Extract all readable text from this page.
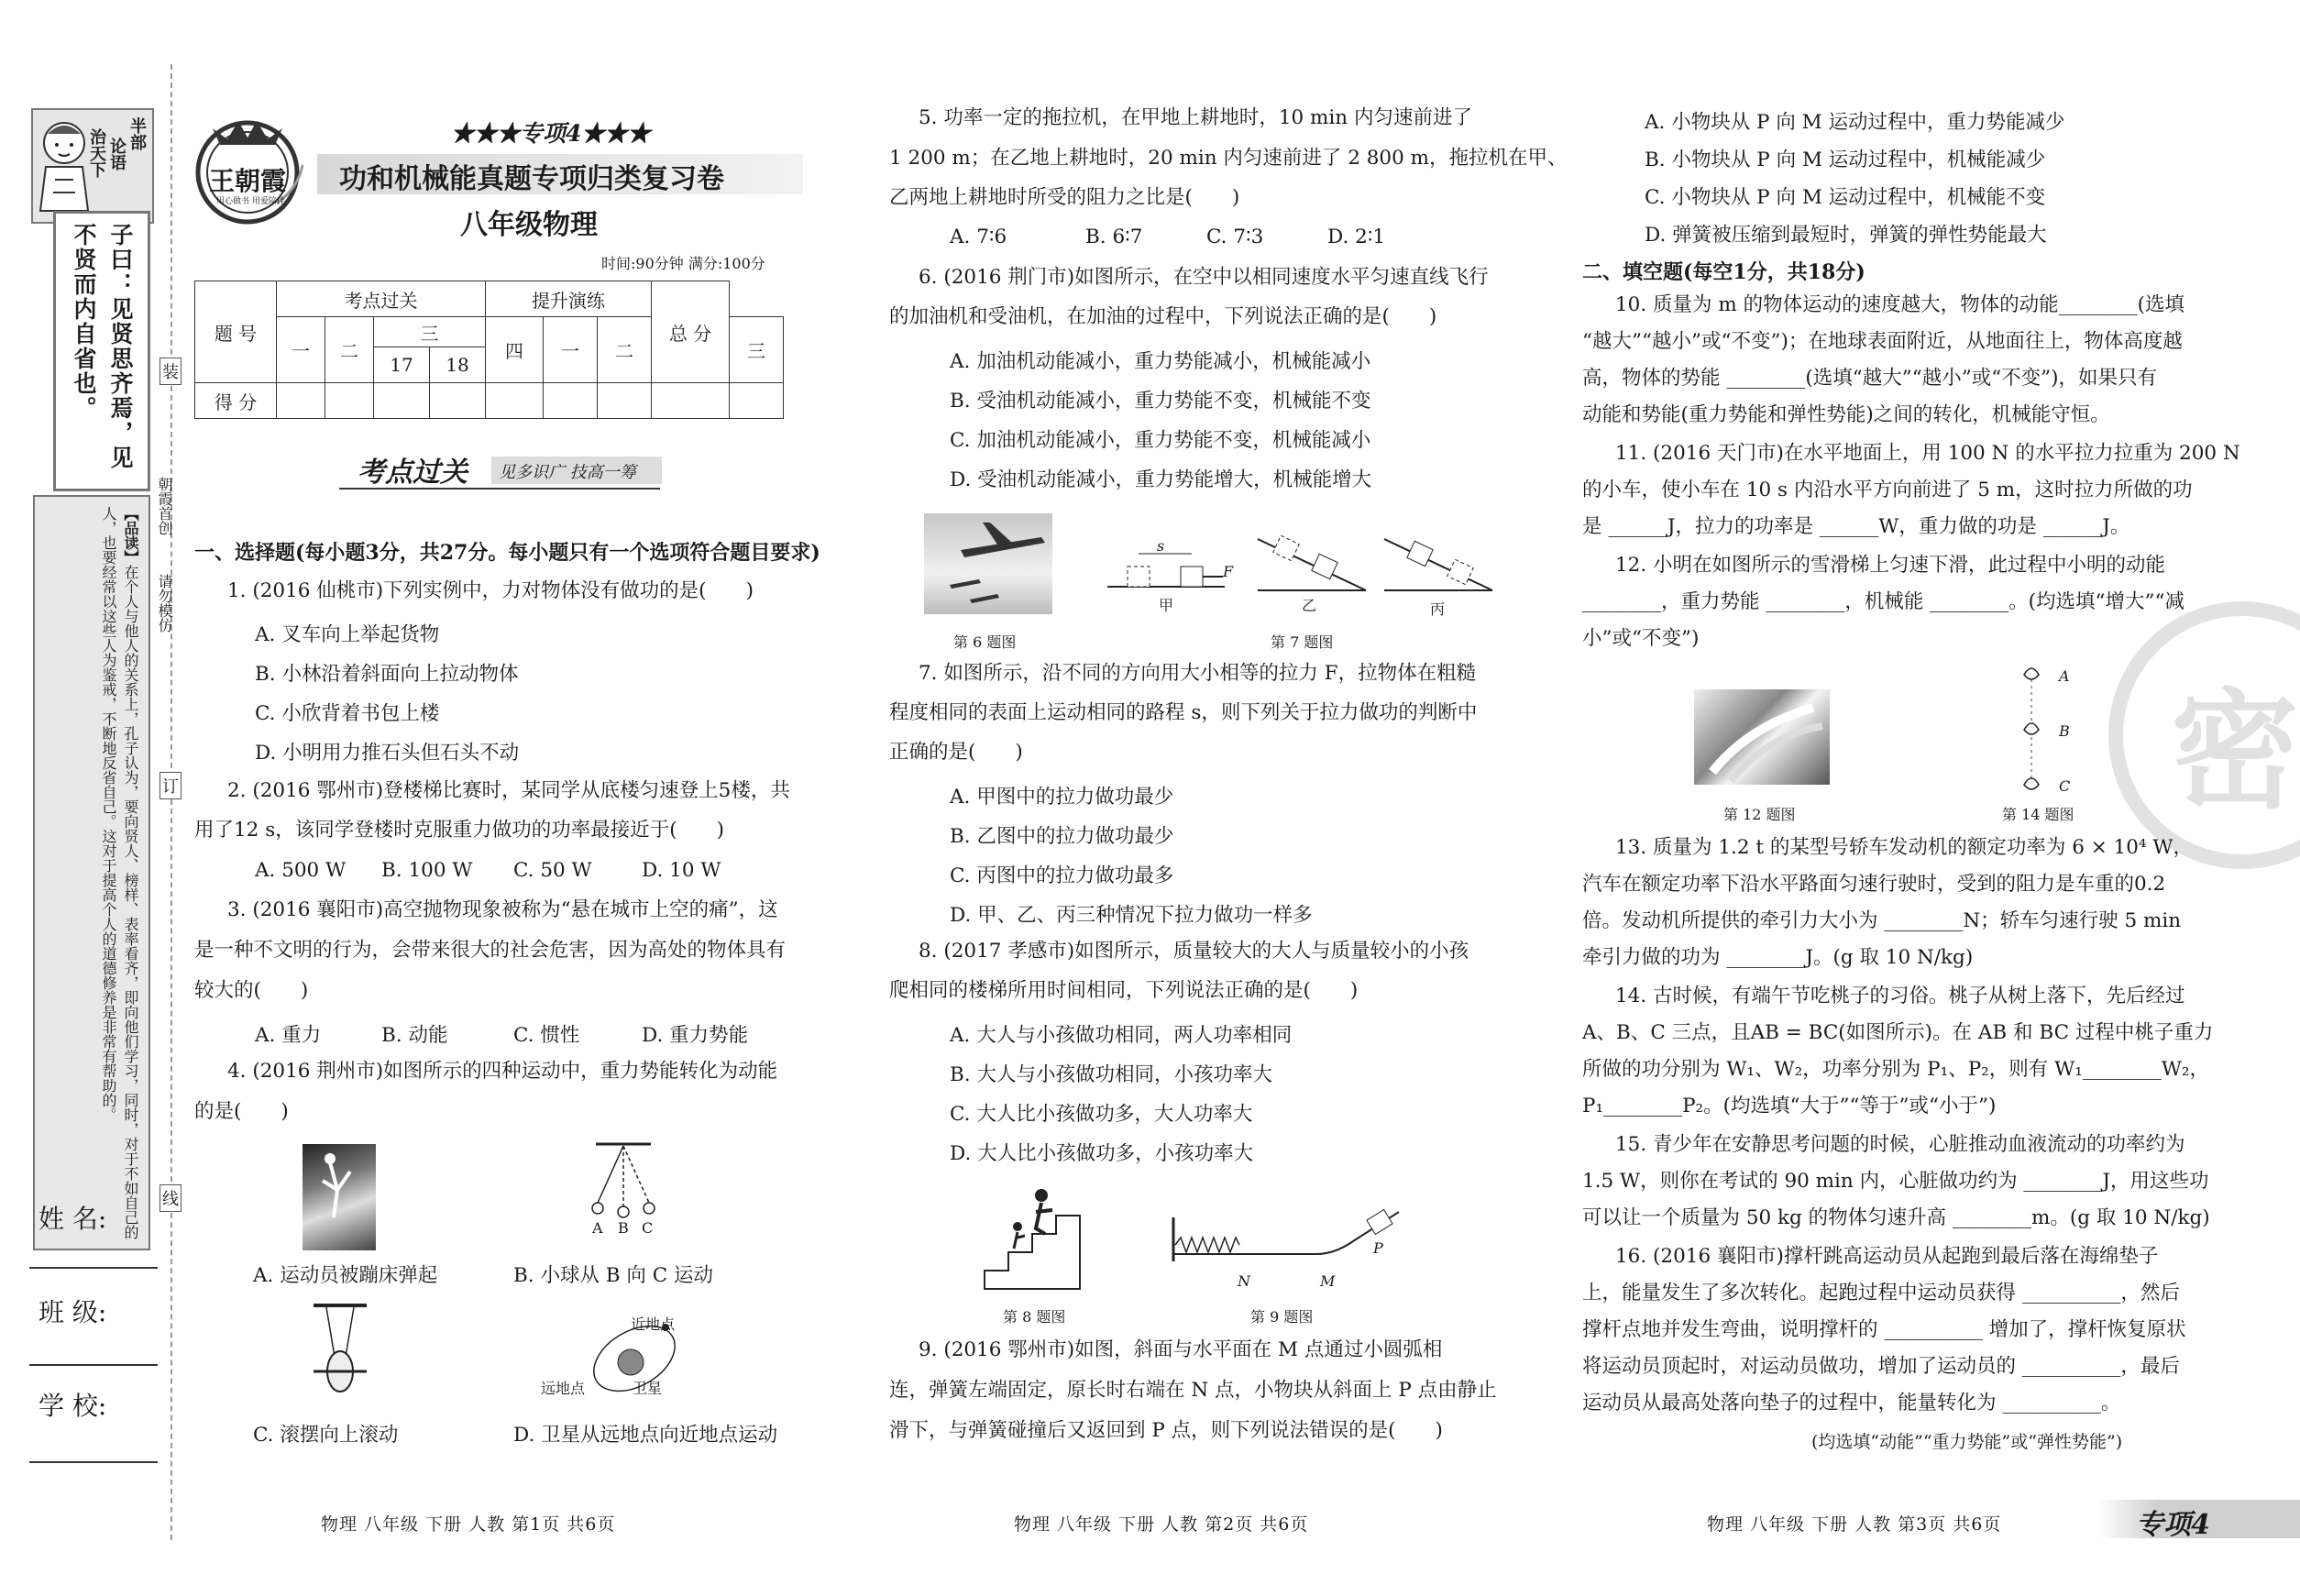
半部
论语
治天下
子曰：见贤思齐焉，见不贤而内自省也。
【品读】在个人与他人的关系上，孔子认为，要向贤人、榜样、表率看齐，即向他们学习，同时，对于不如自己的人，也要经常以这些人为鉴戒，不断地反省自己。这对于提高个人的道德修养是非常有帮助的。
姓 名:
班 级:
学 校:
装
订
线
朝霞首创
请勿模仿
王朝霞
用心做书 用爱陪伴
★★★专项4★★★
功和机械能真题专项归类复习卷
八年级物理
时间:90分钟 满分:100分
题 号	考点过关				提升演练			总 分	
	一	二	三		四	一	二		三
			17	18					
得 分									
考点过关 见多识广 技高一筹
一、选择题(每小题3分，共27分。每小题只有一个选项符合题目要求)
1. (2016 仙桃市)下列实例中，力对物体没有做功的是(　　)
A. 叉车向上举起货物
B. 小林沿着斜面向上拉动物体
C. 小欣背着书包上楼
D. 小明用力推石头但石头不动
2. (2016 鄂州市)登楼梯比赛时，某同学从底楼匀速登上5楼，共
用了12 s，该同学登楼时克服重力做功的功率最接近于(　　)
A. 500 W B. 100 W C. 50 W	D. 10 W
3. (2016 襄阳市)高空抛物现象被称为“悬在城市上空的痛”，这
是一种不文明的行为，会带来很大的社会危害，因为高处的物体具有
较大的(　　)
A. 重力	B. 动能	C. 惯性	D. 重力势能
4. (2016 荆州市)如图所示的四种运动中，重力势能转化为动能
的是(　　)
A B C
A. 运动员被蹦床弹起	B. 小球从 B 向 C 运动
近地点
远地点	卫星
C. 滚摆向上滚动	D. 卫星从远地点向近地点运动
物理 八年级 下册 人教 第1页 共6页
5. 功率一定的拖拉机，在甲地上耕地时，10 min 内匀速前进了
1 200 m；在乙地上耕地时，20 min 内匀速前进了 2 800 m，拖拉机在甲、
乙两地上耕地时所受的阻力之比是(　　)
A. 7∶6	B. 6∶7	C. 7∶3	D. 2∶1
6. (2016 荆门市)如图所示，在空中以相同速度水平匀速直线飞行
的加油机和受油机，在加油的过程中，下列说法正确的是(　　)
A. 加油机动能减小，重力势能减小，机械能减小
B. 受油机动能减小，重力势能不变，机械能不变
C. 加油机动能减小，重力势能不变，机械能减小
D. 受油机动能减小，重力势能增大，机械能增大
第 6 题图
s
F
甲	乙	丙
第 7 题图
7. 如图所示，沿不同的方向用大小相等的拉力 F，拉物体在粗糙
程度相同的表面上运动相同的路程 s，则下列关于拉力做功的判断中
正确的是(　　)
A. 甲图中的拉力做功最少
B. 乙图中的拉力做功最少
C. 丙图中的拉力做功最多
D. 甲、乙、丙三种情况下拉力做功一样多
8. (2017 孝感市)如图所示，质量较大的大人与质量较小的小孩
爬相同的楼梯所用时间相同，下列说法正确的是(　　)
A. 大人与小孩做功相同，两人功率相同
B. 大人与小孩做功相同，小孩功率大
C. 大人比小孩做功多，大人功率大
D. 大人比小孩做功多，小孩功率大
第 8 题图
N	M
P
第 9 题图
9. (2016 鄂州市)如图，斜面与水平面在 M 点通过小圆弧相
连，弹簧左端固定，原长时右端在 N 点，小物块从斜面上 P 点由静止
滑下，与弹簧碰撞后又返回到 P 点，则下列说法错误的是(　　)
物理 八年级 下册 人教 第2页 共6页
A. 小物块从 P 向 M 运动过程中，重力势能减少
B. 小物块从 P 向 M 运动过程中，机械能减少
C. 小物块从 P 向 M 运动过程中，机械能不变
D. 弹簧被压缩到最短时，弹簧的弹性势能最大
二、填空题(每空1分，共18分)
10. 质量为 m 的物体运动的速度越大，物体的动能________(选填
“越大”“越小”或“不变”)；在地球表面附近，从地面往上，物体高度越
高，物体的势能 ________(选填“越大”“越小”或“不变”)，如果只有
动能和势能(重力势能和弹性势能)之间的转化，机械能守恒。
11. (2016 天门市)在水平地面上，用 100 N 的水平拉力拉重为 200 N
的小车，使小车在 10 s 内沿水平方向前进了 5 m，这时拉力所做的功
是 ______J，拉力的功率是 ______W，重力做的功是 ______J。
12. 小明在如图所示的雪滑梯上匀速下滑，此过程中小明的动能
________，重力势能 ________，机械能 ________。(均选填“增大”“减
小”或“不变”)
第 12 题图
A
B
C
第 14 题图 密
13. 质量为 1.2 t 的某型号轿车发动机的额定功率为 6 × 10⁴ W，
汽车在额定功率下沿水平路面匀速行驶时，受到的阻力是车重的0.2
倍。发动机所提供的牵引力大小为 ________N；轿车匀速行驶 5 min
牵引力做的功为 ________J。(g 取 10 N/kg)
14. 古时候，有端午节吃桃子的习俗。桃子从树上落下，先后经过
A、B、C 三点，且AB = BC(如图所示)。在 AB 和 BC 过程中桃子重力
所做的功分别为 W₁、W₂，功率分别为 P₁、P₂，则有 W₁________W₂，
P₁________P₂。(均选填“大于”“等于”或“小于”)
15. 青少年在安静思考问题的时候，心脏推动血液流动的功率约为
1.5 W，则你在考试的 90 min 内，心脏做功约为 ________J，用这些功
可以让一个质量为 50 kg 的物体匀速升高 ________m。(g 取 10 N/kg)
16. (2016 襄阳市)撑杆跳高运动员从起跑到最后落在海绵垫子
上，能量发生了多次转化。起跑过程中运动员获得 __________，然后
撑杆点地并发生弯曲，说明撑杆的 __________ 增加了，撑杆恢复原状
将运动员顶起时，对运动员做功，增加了运动员的 __________，最后
运动员从最高处落向垫子的过程中，能量转化为 __________。
(均选填“动能”“重力势能”或“弹性势能”)
物理 八年级 下册 人教 第3页 共6页	专项4
